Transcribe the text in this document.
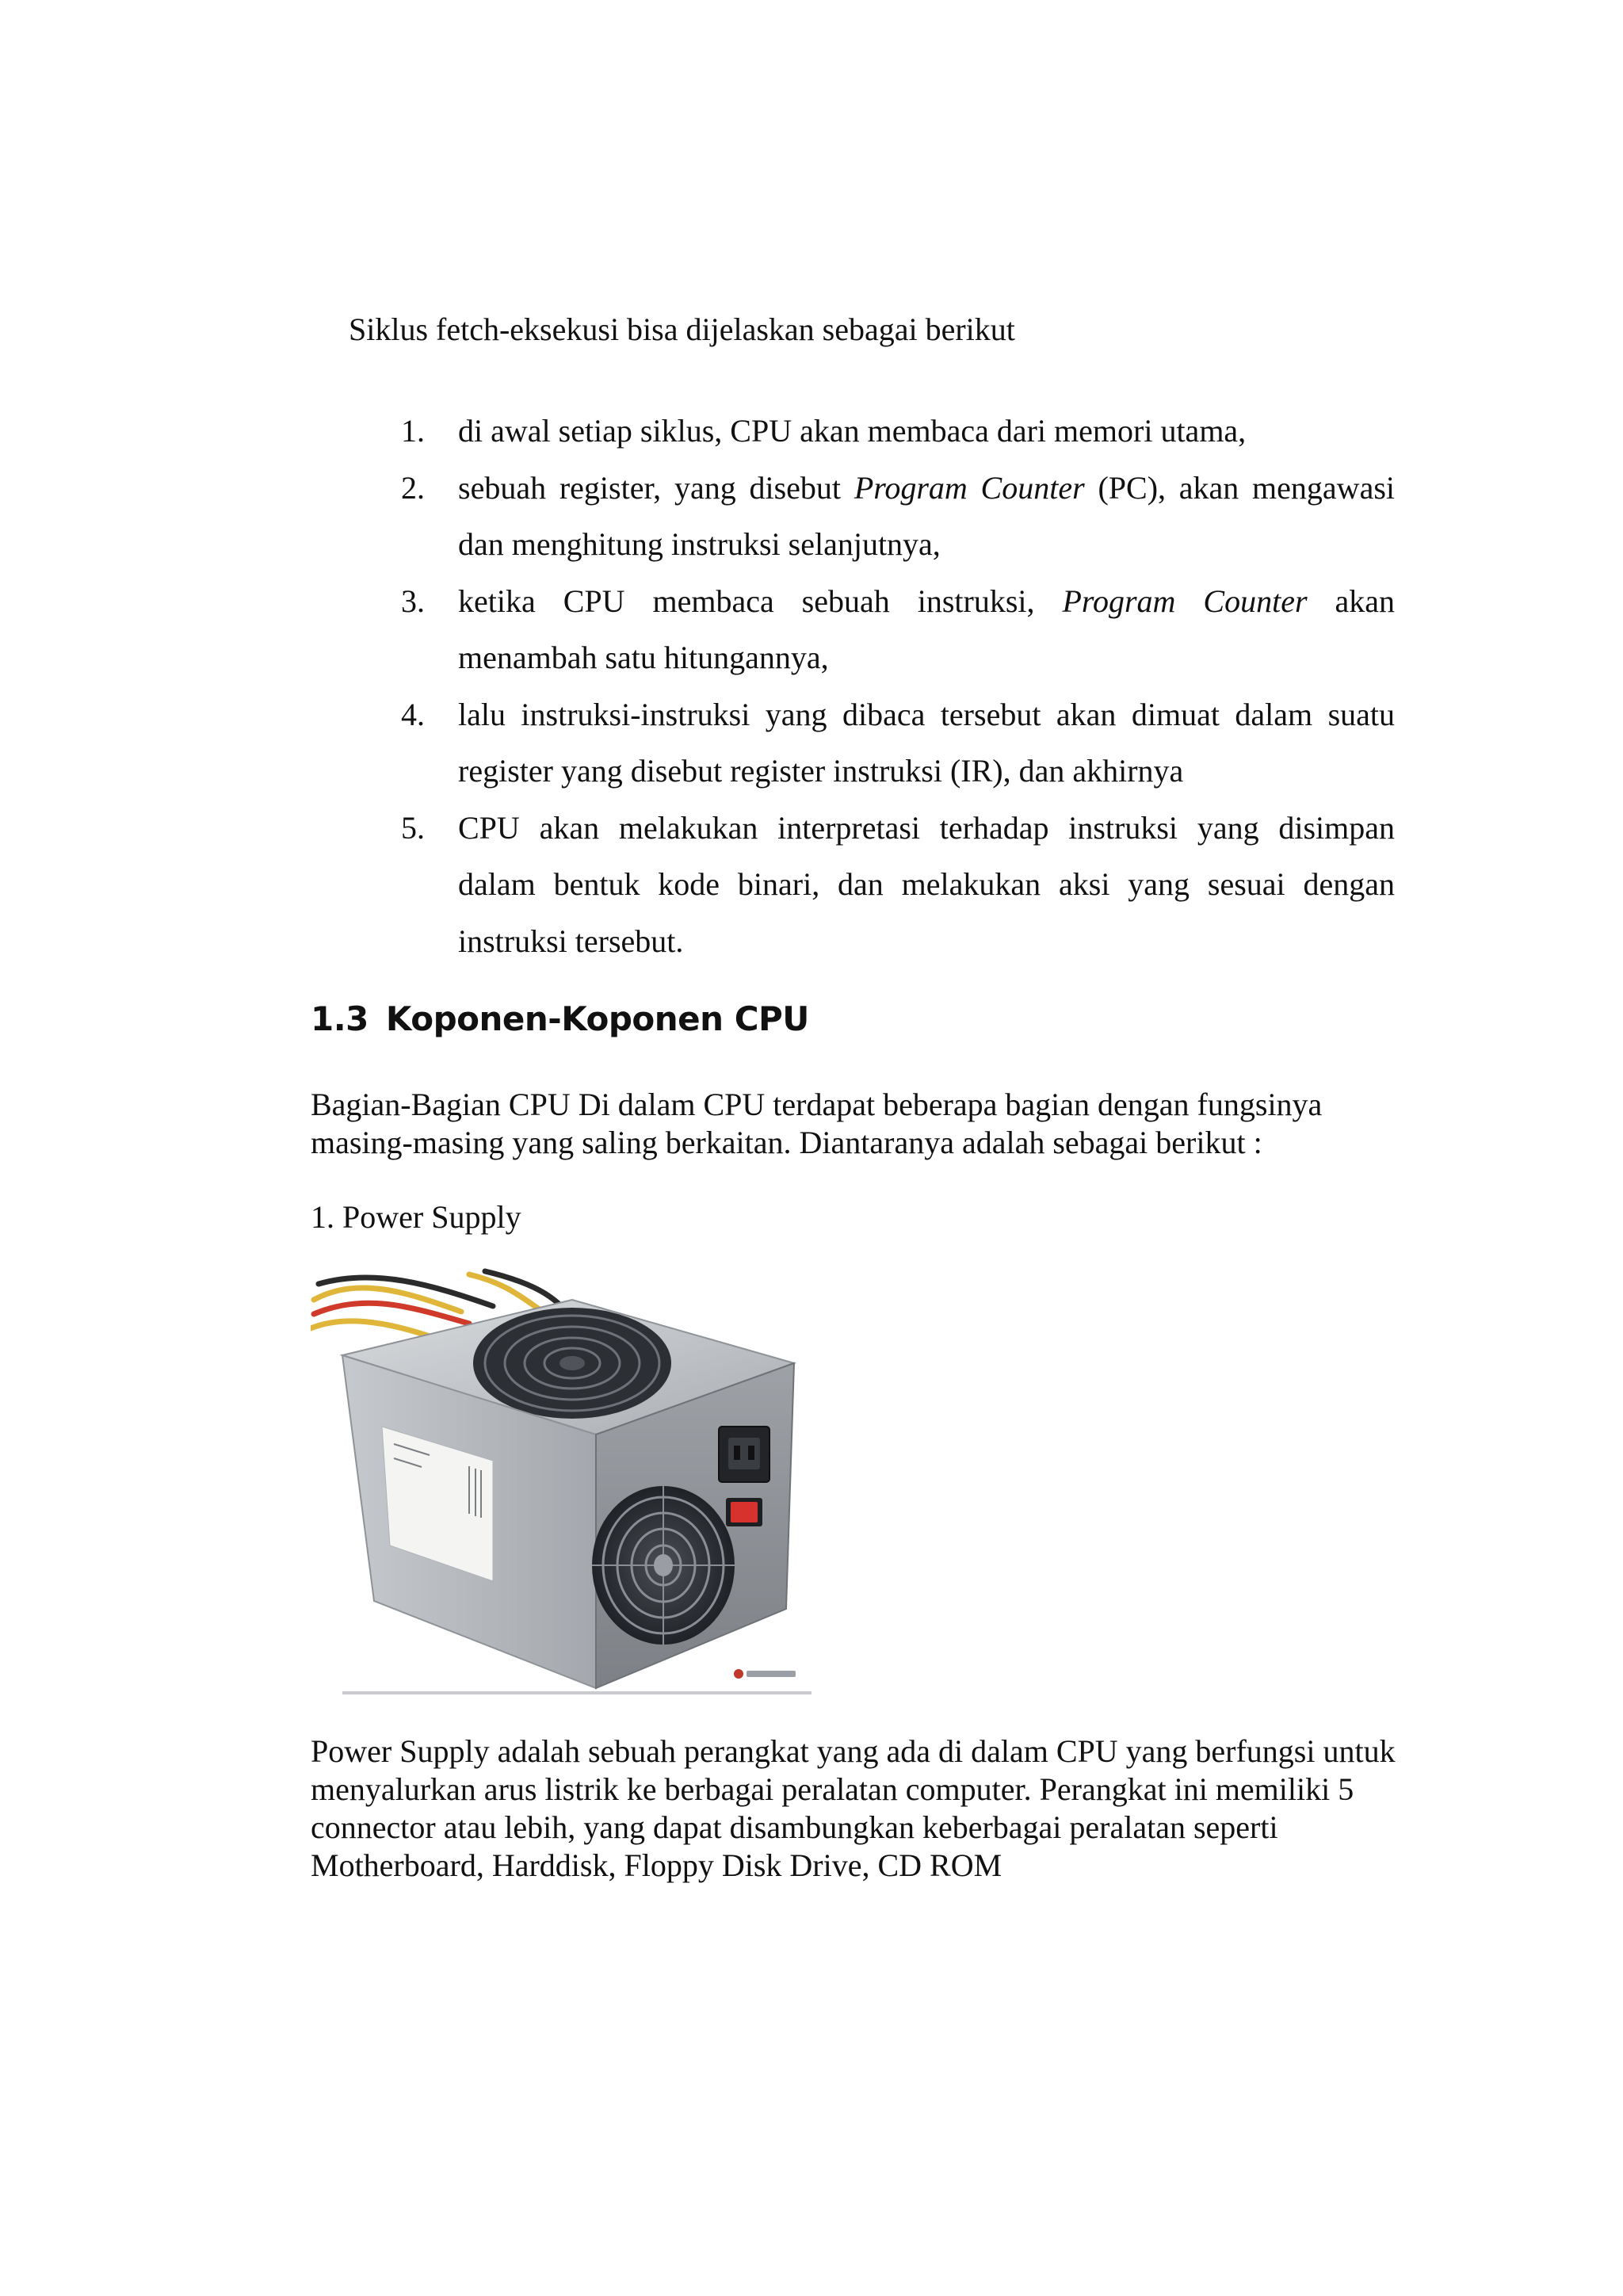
Siklus fetch-eksekusi bisa dijelaskan sebagai berikut

1. di awal setiap siklus, CPU akan membaca dari memori utama,
2. sebuah register, yang disebut Program Counter (PC), akan mengawasi dan menghitung instruksi selanjutnya,
3. ketika CPU membaca sebuah instruksi, Program Counter akan menambah satu hitungannya,
4. lalu instruksi-instruksi yang dibaca tersebut akan dimuat dalam suatu register yang disebut register instruksi (IR), dan akhirnya
5. CPU akan melakukan interpretasi terhadap instruksi yang disimpan dalam bentuk kode binari, dan melakukan aksi yang sesuai dengan instruksi tersebut.
1.3 Koponen-Koponen CPU

Bagian-Bagian CPU Di dalam CPU terdapat beberapa bagian dengan fungsinya masing-masing yang saling berkaitan. Diantaranya adalah sebagai berikut :

1. Power Supply

Power Supply adalah sebuah perangkat yang ada di dalam CPU yang berfungsi untuk menyalurkan arus listrik ke berbagai peralatan computer. Perangkat ini memiliki 5 connector atau lebih, yang dapat disambungkan keberbagai peralatan seperti Motherboard, Harddisk, Floppy Disk Drive, CD ROM
